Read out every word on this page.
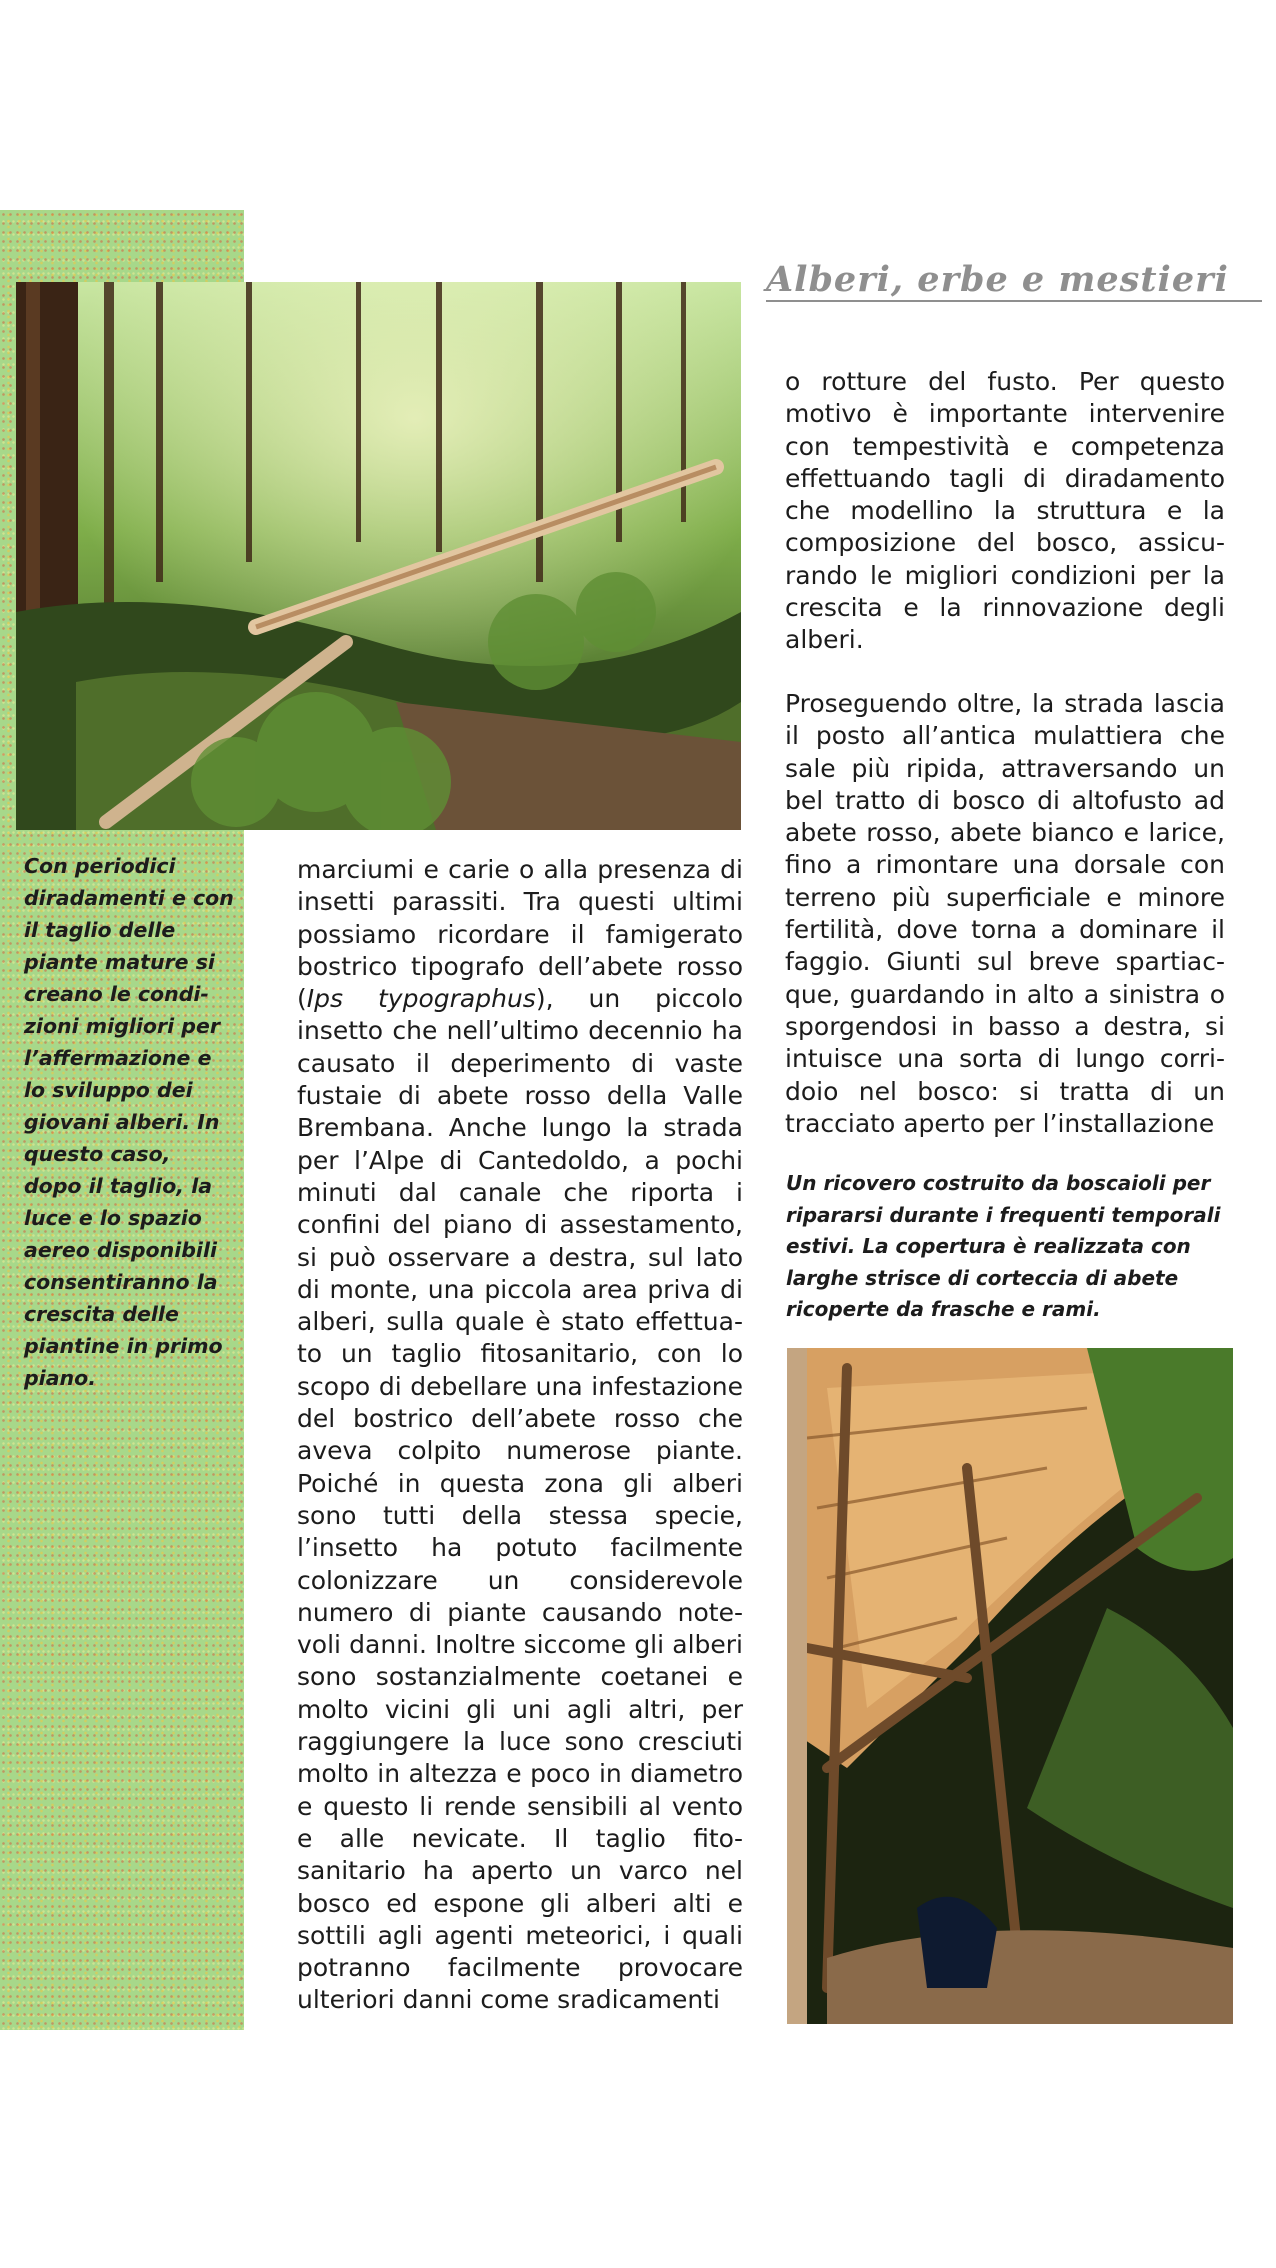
Alberi, erbe e mestieri
Con periodici diradamenti e con il taglio delle piante mature si creano le condizioni migliori per l’affermazione e lo sviluppo dei giovani alberi. In questo caso, dopo il taglio, la luce e lo spazio aereo disponibili consentiranno la crescita delle piantine in primo piano.

marciumi e carie o alla presenza di insetti parassiti. Tra questi ultimi possiamo ricordare il famigerato bostrico tipografo dell’abete rosso (Ips typographus), un piccolo insetto che nell’ultimo decennio ha causato il deperimento di vaste fustaie di abete rosso della Valle Brembana. Anche lungo la strada per l’Alpe di Cantedoldo, a pochi minuti dal canale che riporta i confini del piano di assestamento, si può osservare a destra, sul lato di monte, una piccola area priva di alberi, sulla quale è stato effettuato un taglio fitosanitario, con lo scopo di debellare una infestazione del bostrico dell’abete rosso che aveva colpito numerose piante. Poiché in questa zona gli alberi sono tutti della stessa specie, l’insetto ha potuto facilmente colonizzare un considerevole numero di piante causando notevoli danni. Inoltre siccome gli alberi sono sostanzialmente coetanei e molto vicini gli uni agli altri, per raggiungere la luce sono cresciuti molto in altezza e poco in diametro e questo li rende sensibili al vento e alle nevicate. Il taglio fitosanitario ha aperto un varco nel bosco ed espone gli alberi alti e sottili agli agenti meteorici, i quali potranno facilmente provocare ulteriori danni come sradicamenti

o rotture del fusto. Per questo motivo è importante intervenire con tempestività e competenza effettuando tagli di diradamento che modellino la struttura e la composizione del bosco, assicurando le migliori condizioni per la crescita e la rinnovazione degli alberi.

Proseguendo oltre, la strada lascia il posto all’antica mulattiera che sale più ripida, attraversando un bel tratto di bosco di altofusto ad abete rosso, abete bianco e larice, fino a rimontare una dorsale con terreno più superficiale e minore fertilità, dove torna a dominare il faggio. Giunti sul breve spartiacque, guardando in alto a sinistra o sporgendosi in basso a destra, si intuisce una sorta di lungo corridoio nel bosco: si tratta di un tracciato aperto per l’installazione

Un ricovero costruito da boscaioli per ripararsi durante i frequenti temporali estivi. La copertura è realizzata con larghe strisce di corteccia di abete ricoperte da frasche e rami.
